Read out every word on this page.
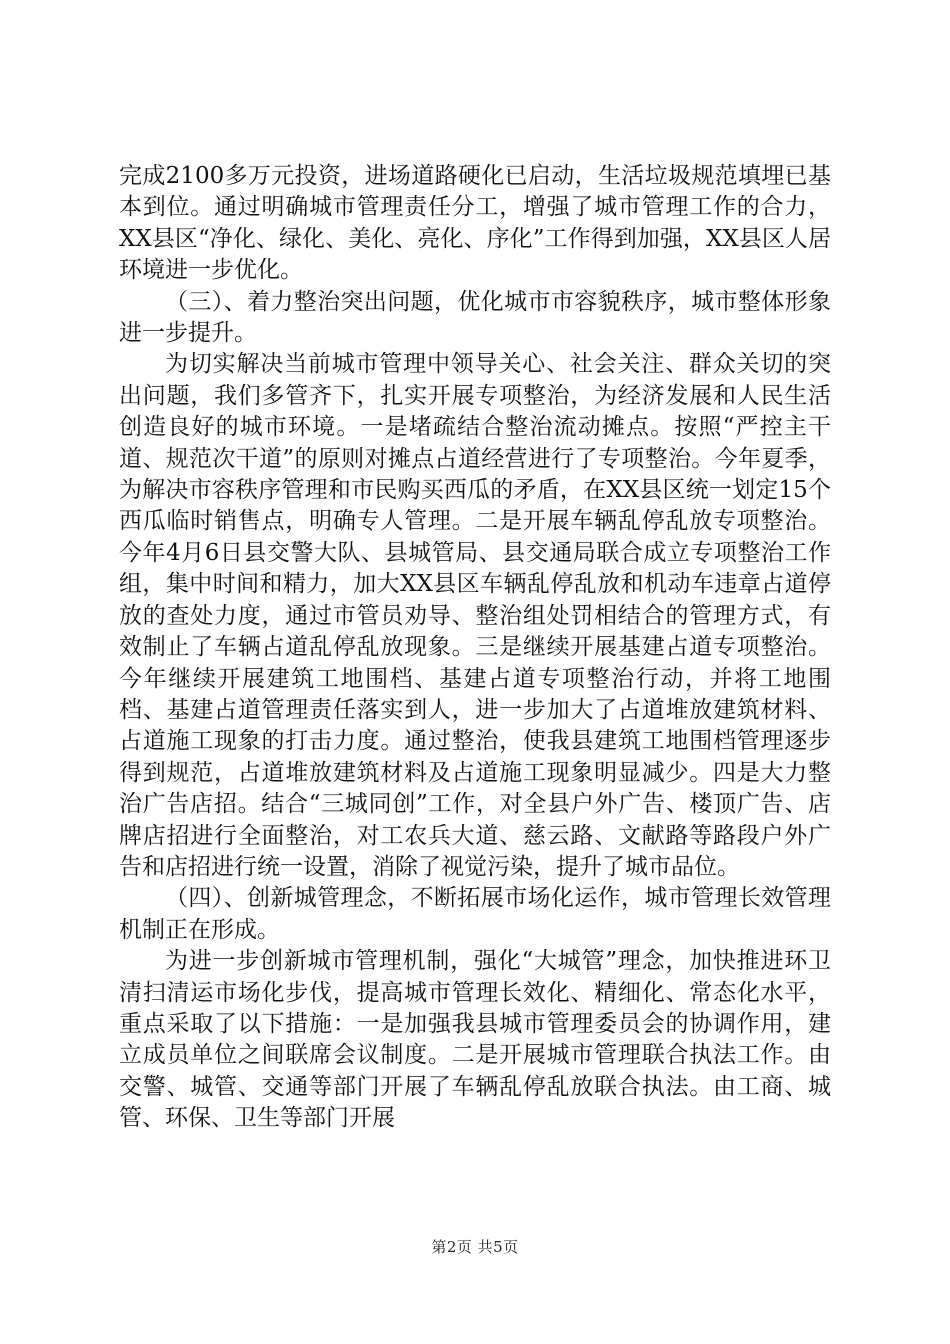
完成2100多万元投资，进场道路硬化已启动，生活垃圾规范填埋已基本到位。通过明确城市管理责任分工，增强了城市管理工作的合力，XX县区“净化、绿化、美化、亮化、序化”工作得到加强，XX县区人居环境进一步优化。

（三）、着力整治突出问题，优化城市市容貌秩序，城市整体形象进一步提升。

为切实解决当前城市管理中领导关心、社会关注、群众关切的突出问题，我们多管齐下，扎实开展专项整治，为经济发展和人民生活创造良好的城市环境。一是堵疏结合整治流动摊点。按照“严控主干道、规范次干道”的原则对摊点占道经营进行了专项整治。今年夏季，为解决市容秩序管理和市民购买西瓜的矛盾，在XX县区统一划定15个西瓜临时销售点，明确专人管理。二是开展车辆乱停乱放专项整治。今年4月6日县交警大队、县城管局、县交通局联合成立专项整治工作组，集中时间和精力，加大XX县区车辆乱停乱放和机动车违章占道停放的查处力度，通过市管员劝导、整治组处罚相结合的管理方式，有效制止了车辆占道乱停乱放现象。三是继续开展基建占道专项整治。今年继续开展建筑工地围档、基建占道专项整治行动，并将工地围档、基建占道管理责任落实到人，进一步加大了占道堆放建筑材料、占道施工现象的打击力度。通过整治，使我县建筑工地围档管理逐步得到规范，占道堆放建筑材料及占道施工现象明显减少。四是大力整治广告店招。结合“三城同创”工作，对全县户外广告、楼顶广告、店牌店招进行全面整治，对工农兵大道、慈云路、文献路等路段户外广告和店招进行统一设置，消除了视觉污染，提升了城市品位。

（四）、创新城管理念，不断拓展市场化运作，城市管理长效管理机制正在形成。

为进一步创新城市管理机制，强化“大城管”理念，加快推进环卫清扫清运市场化步伐，提高城市管理长效化、精细化、常态化水平，重点采取了以下措施：一是加强我县城市管理委员会的协调作用，建立成员单位之间联席会议制度。二是开展城市管理联合执法工作。由交警、城管、交通等部门开展了车辆乱停乱放联合执法。由工商、城管、环保、卫生等部门开展

第2页 共5页
